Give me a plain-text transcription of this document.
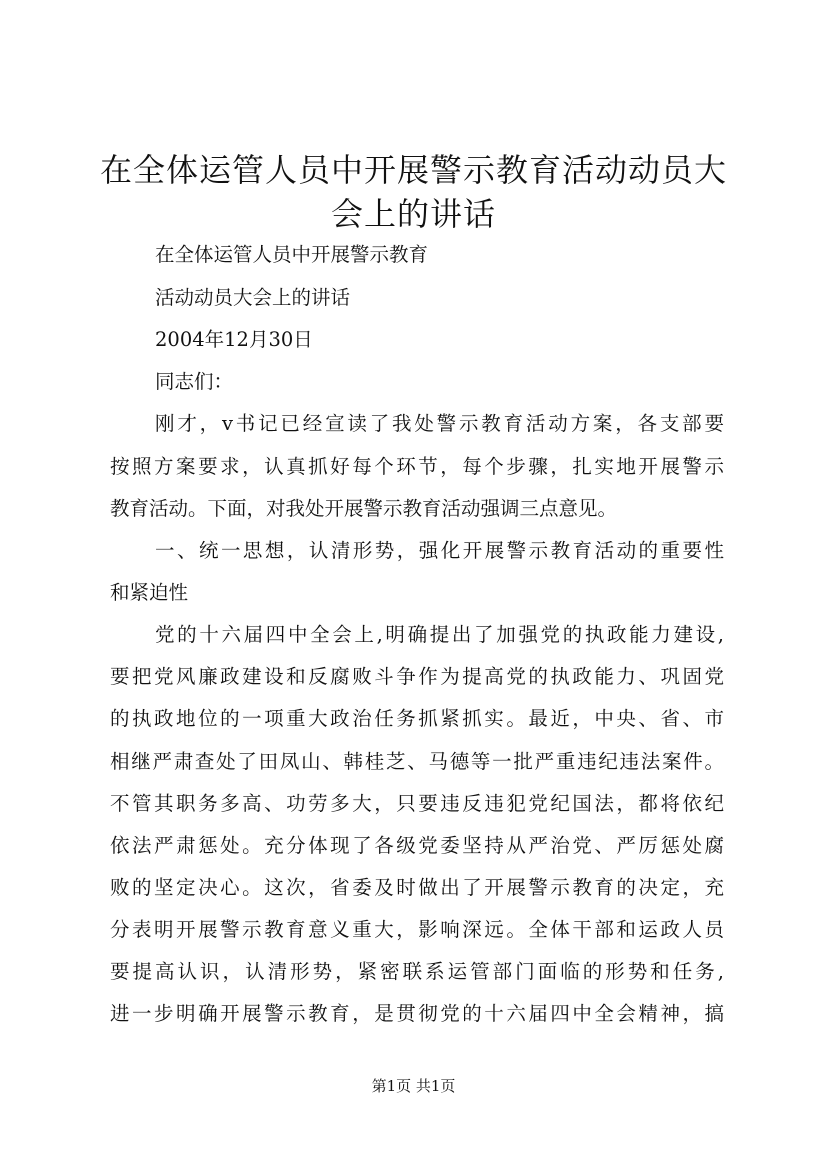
在全体运管人员中开展警示教育活动动员大会上的讲话
在全体运管人员中开展警示教育
活动动员大会上的讲话
2004年12月30日
同志们：
刚才，v书记已经宣读了我处警示教育活动方案，各支部要
按照方案要求，认真抓好每个环节，每个步骤，扎实地开展警示
教育活动。下面，对我处开展警示教育活动强调三点意见。
一、统一思想，认清形势，强化开展警示教育活动的重要性
和紧迫性
党的十六届四中全会上,明确提出了加强党的执政能力建设,
要把党风廉政建设和反腐败斗争作为提高党的执政能力、巩固党
的执政地位的一项重大政治任务抓紧抓实。最近，中央、省、市
相继严肃查处了田凤山、韩桂芝、马德等一批严重违纪违法案件。
不管其职务多高、功劳多大，只要违反违犯党纪国法，都将依纪
依法严肃惩处。充分体现了各级党委坚持从严治党、严厉惩处腐
败的坚定决心。这次，省委及时做出了开展警示教育的决定，充
分表明开展警示教育意义重大，影响深远。全体干部和运政人员
要提高认识，认清形势，紧密联系运管部门面临的形势和任务,
进一步明确开展警示教育，是贯彻党的十六届四中全会精神，搞
第1页 共1页
